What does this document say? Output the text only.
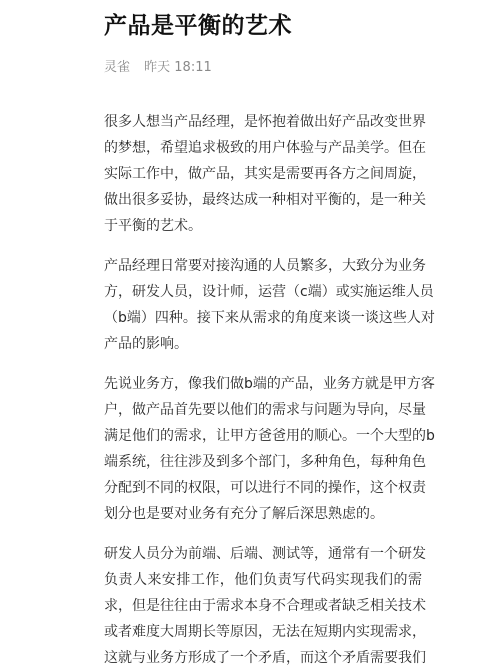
产品是平衡的艺术
灵雀 昨天 18:11

很多人想当产品经理，是怀抱着做出好产品改变世界
的梦想，希望追求极致的用户体验与产品美学。但在
实际工作中，做产品，其实是需要再各方之间周旋，
做出很多妥协，最终达成一种相对平衡的，是一种关
于平衡的艺术。

产品经理日常要对接沟通的人员繁多，大致分为业务
方，研发人员，设计师，运营（c端）或实施运维人员
（b端）四种。接下来从需求的角度来谈一谈这些人对
产品的影响。

先说业务方，像我们做b端的产品，业务方就是甲方客
户，做产品首先要以他们的需求与问题为导向，尽量
满足他们的需求，让甲方爸爸用的顺心。一个大型的b
端系统，往往涉及到多个部门，多种角色，每种角色
分配到不同的权限，可以进行不同的操作，这个权责
划分也是要对业务有充分了解后深思熟虑的。

研发人员分为前端、后端、测试等，通常有一个研发
负责人来安排工作，他们负责写代码实现我们的需
求，但是往往由于需求本身不合理或者缺乏相关技术
或者难度大周期长等原因，无法在短期内实现需求，
这就与业务方形成了一个矛盾，而这个矛盾需要我们
